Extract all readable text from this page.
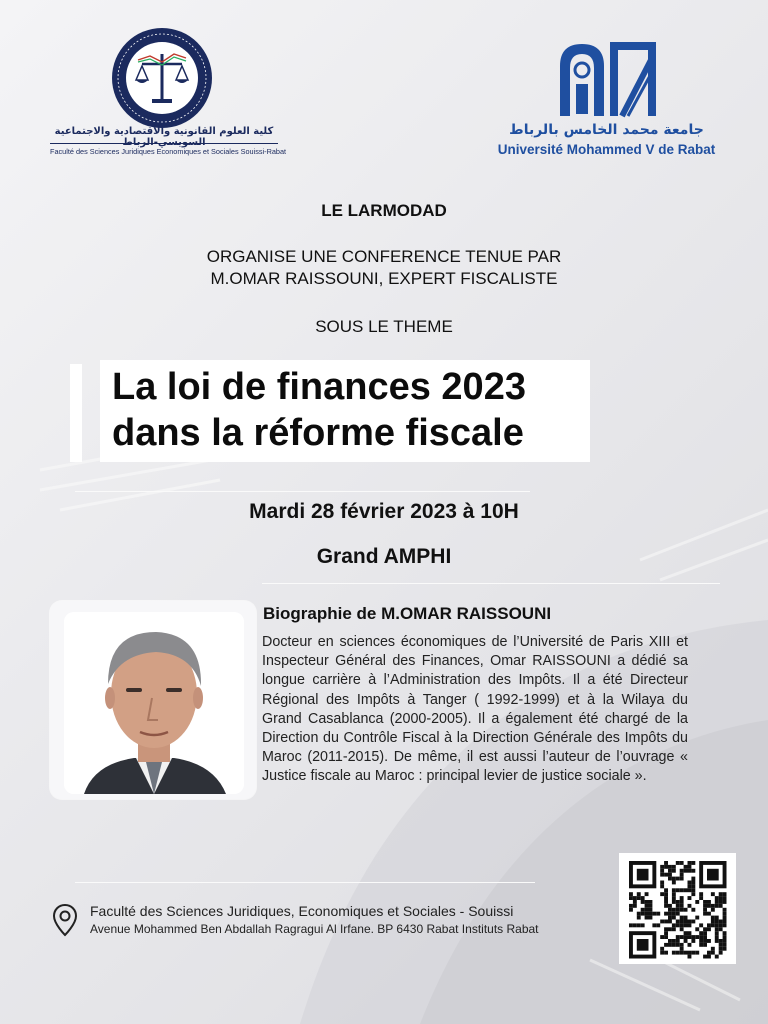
كلية العلوم القانونية والاقتصادية والاجتماعية السويسي-الرباط
Faculté des Sciences Juridiques Economiques et Sociales Souissi-Rabat
جامعة محمد الخامس بالرباط
Université Mohammed V de Rabat
LE LARMODAD
ORGANISE UNE CONFERENCE TENUE PAR
M.OMAR RAISSOUNI, EXPERT FISCALISTE
SOUS LE THEME
La loi de finances 2023
dans la réforme fiscale
Mardi 28 février 2023 à 10H
Grand AMPHI
Biographie de M.OMAR RAISSOUNI
Docteur en sciences économiques de l’Université de Paris XIII et Inspecteur Général des Finances, Omar RAISSOUNI a dédié sa longue carrière à l’Administration des Impôts. Il a été Directeur Régional des Impôts à Tanger ( 1992-1999) et à la Wilaya du Grand Casablanca (2000-2005). Il a également été chargé de la Direction du Contrôle Fiscal à la Direction Générale des Impôts du Maroc (2011-2015). De même, il est aussi l’auteur de l’ouvrage « Justice fiscale au Maroc : principal levier de justice sociale ».
Faculté des Sciences Juridiques, Economiques et Sociales - Souissi
Avenue Mohammed Ben Abdallah Ragragui Al Irfane. BP 6430 Rabat Instituts Rabat
